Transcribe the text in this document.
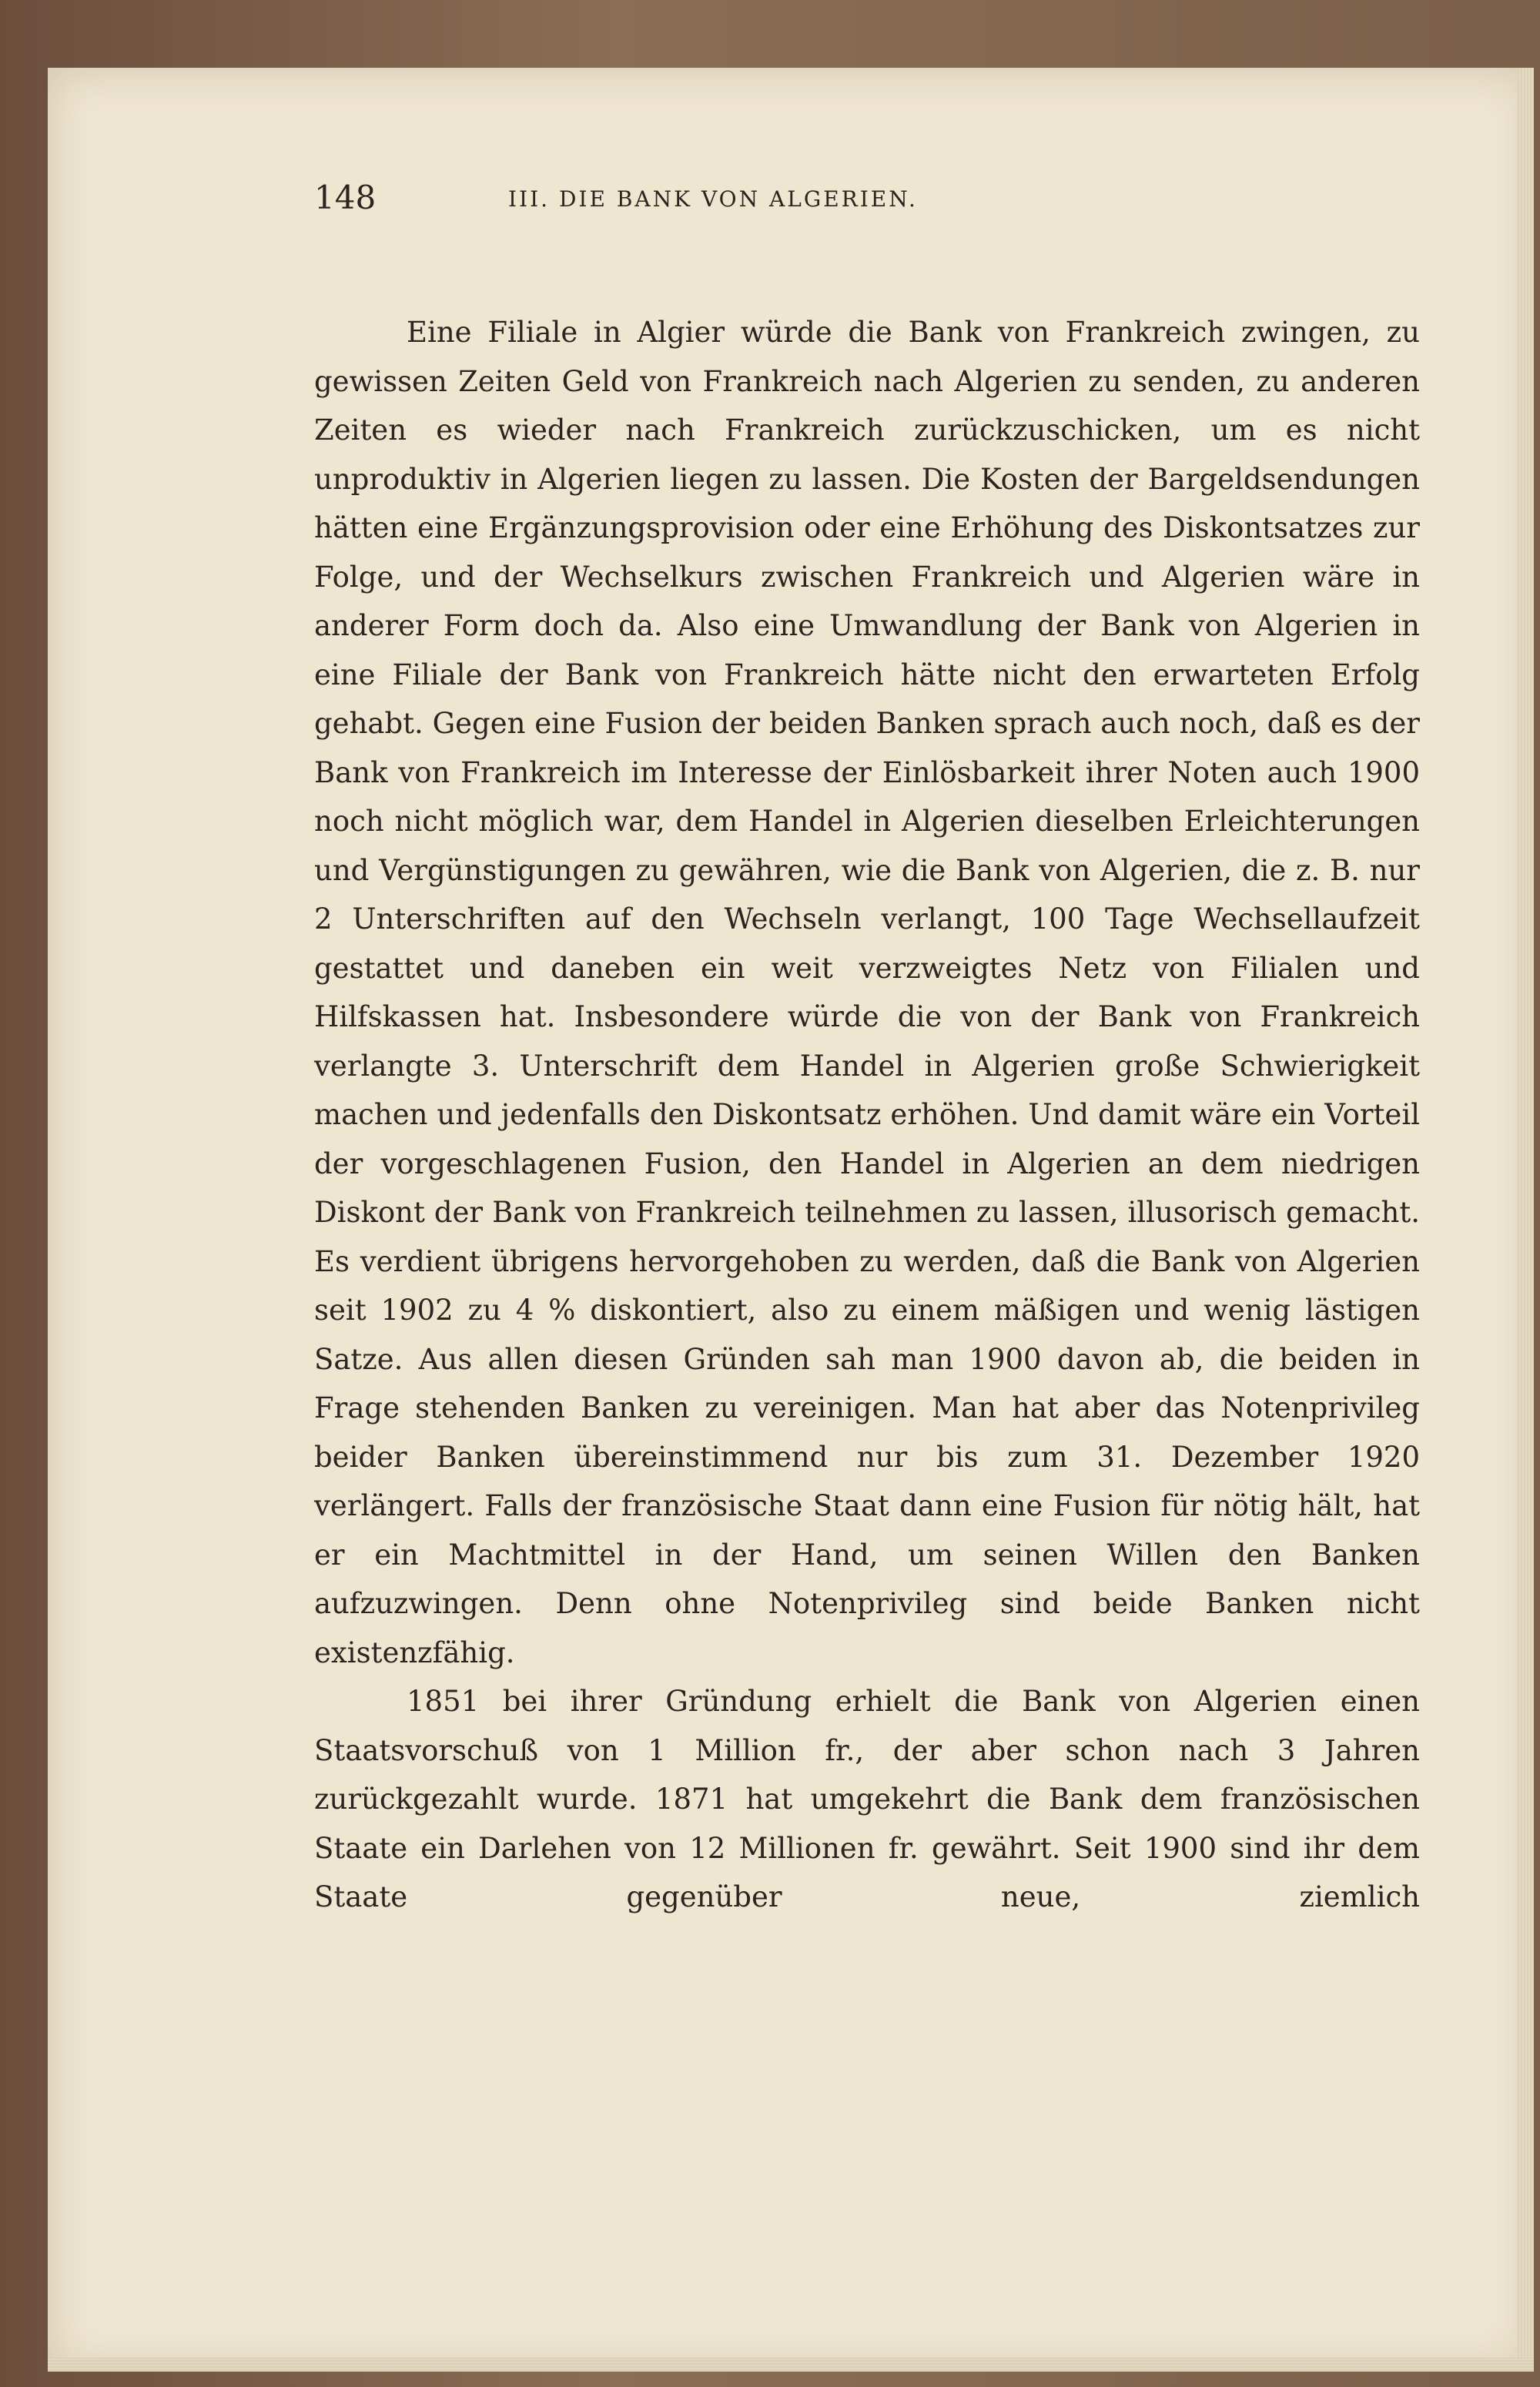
148	III. DIE BANK VON ALGERIEN.

Eine Filiale in Algier würde die Bank von Frankreich zwingen, zu gewissen Zeiten Geld von Frankreich nach Algerien zu senden, zu anderen Zeiten es wieder nach Frankreich zurückzuschicken, um es nicht unproduktiv in Algerien liegen zu lassen. Die Kosten der Bargeldsendungen hätten eine Ergänzungsprovision oder eine Erhöhung des Diskontsatzes zur Folge, und der Wechselkurs zwischen Frankreich und Algerien wäre in anderer Form doch da. Also eine Umwandlung der Bank von Algerien in eine Filiale der Bank von Frankreich hätte nicht den erwarteten Erfolg gehabt. Gegen eine Fusion der beiden Banken sprach auch noch, daß es der Bank von Frankreich im Interesse der Einlösbarkeit ihrer Noten auch 1900 noch nicht möglich war, dem Handel in Algerien dieselben Erleichterungen und Vergünstigungen zu gewähren, wie die Bank von Algerien, die z. B. nur 2 Unterschriften auf den Wechseln verlangt, 100 Tage Wechsellaufzeit gestattet und daneben ein weit verzweigtes Netz von Filialen und Hilfskassen hat. Insbesondere würde die von der Bank von Frankreich verlangte 3. Unterschrift dem Handel in Algerien große Schwierigkeit machen und jedenfalls den Diskontsatz erhöhen. Und damit wäre ein Vorteil der vorgeschlagenen Fusion, den Handel in Algerien an dem niedrigen Diskont der Bank von Frankreich teilnehmen zu lassen, illusorisch gemacht. Es verdient übrigens hervorgehoben zu werden, daß die Bank von Algerien seit 1902 zu 4 % diskontiert, also zu einem mäßigen und wenig lästigen Satze. Aus allen diesen Gründen sah man 1900 davon ab, die beiden in Frage stehenden Banken zu vereinigen. Man hat aber das Notenprivileg beider Banken übereinstimmend nur bis zum 31. Dezember 1920 verlängert. Falls der französische Staat dann eine Fusion für nötig hält, hat er ein Machtmittel in der Hand, um seinen Willen den Banken aufzuzwingen. Denn ohne Notenprivileg sind beide Banken nicht existenzfähig.

1851 bei ihrer Gründung erhielt die Bank von Algerien einen Staatsvorschuß von 1 Million fr., der aber schon nach 3 Jahren zurückgezahlt wurde. 1871 hat umgekehrt die Bank dem französischen Staate ein Darlehen von 12 Millionen fr. gewährt. Seit 1900 sind ihr dem Staate gegenüber neue, ziemlich
